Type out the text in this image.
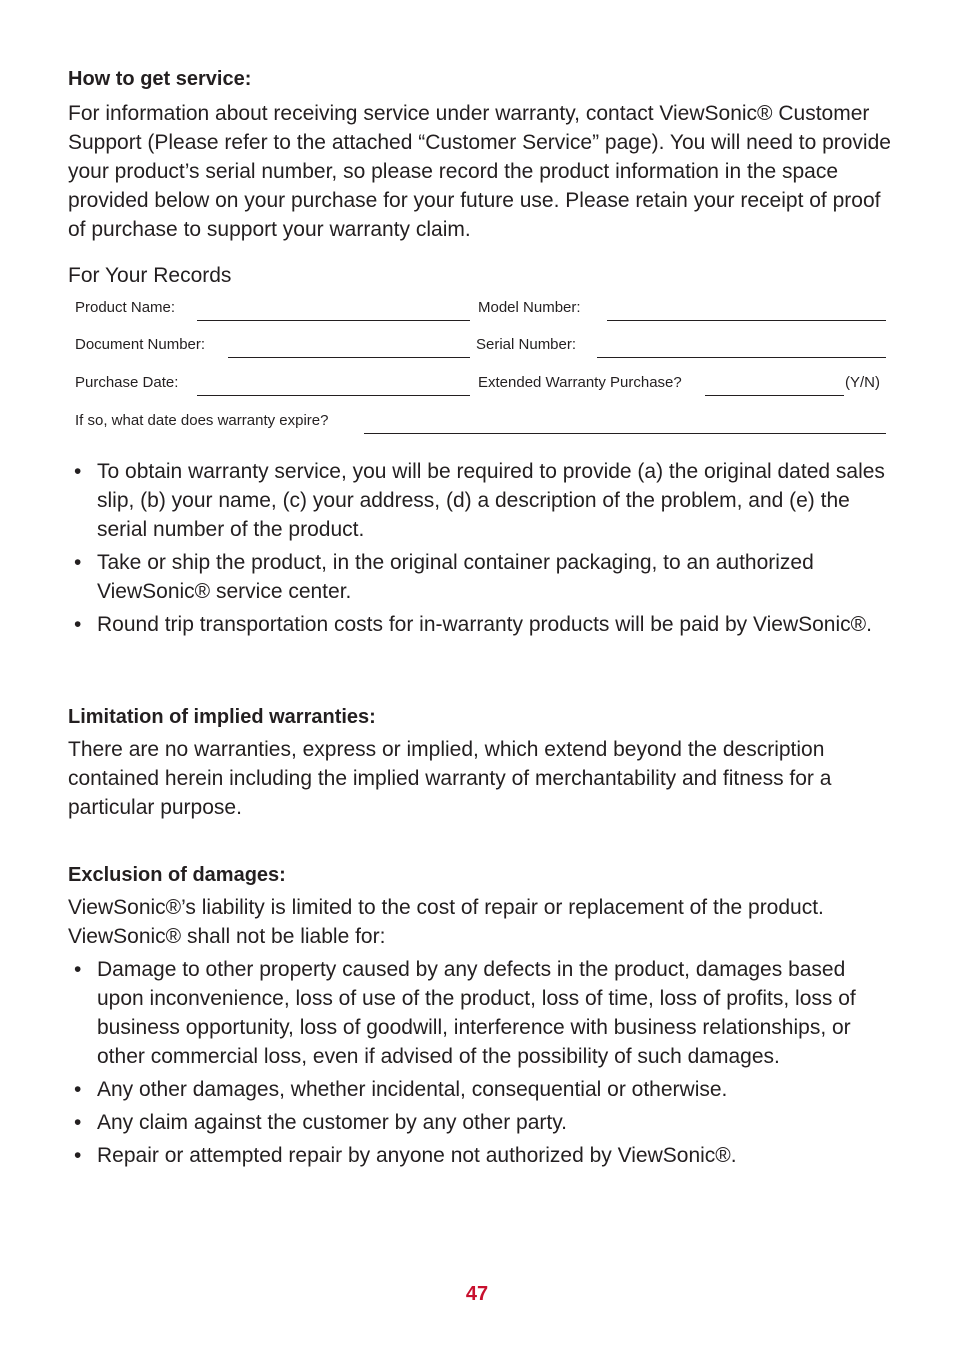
How to get service:

For information about receiving service under warranty, contact ViewSonic® Customer Support (Please refer to the attached “Customer Service” page). You will need to provide your product’s serial number, so please record the product information in the space provided below on your purchase for your future use. Please retain your receipt of proof of purchase to support your warranty claim.

For Your Records

Product Name:	Model Number:
Document Number:	Serial Number:
Purchase Date:	Extended Warranty Purchase?	(Y/N)
If so, what date does warranty expire?
• To obtain warranty service, you will be required to provide (a) the original dated sales slip, (b) your name, (c) your address, (d) a description of the problem, and (e) the serial number of the product.
• Take or ship the product, in the original container packaging, to an authorized ViewSonic® service center.
• Round trip transportation costs for in-warranty products will be paid by ViewSonic®.
Limitation of implied warranties:

There are no warranties, express or implied, which extend beyond the description contained herein including the implied warranty of merchantability and fitness for a particular purpose.

Exclusion of damages:

ViewSonic®’s liability is limited to the cost of repair or replacement of the product. ViewSonic® shall not be liable for:

• Damage to other property caused by any defects in the product, damages based upon inconvenience, loss of use of the product, loss of time, loss of profits, loss of business opportunity, loss of goodwill, interference with business relationships, or other commercial loss, even if advised of the possibility of such damages.
• Any other damages, whether incidental, consequential or otherwise.
• Any claim against the customer by any other party.
• Repair or attempted repair by anyone not authorized by ViewSonic®.
47
